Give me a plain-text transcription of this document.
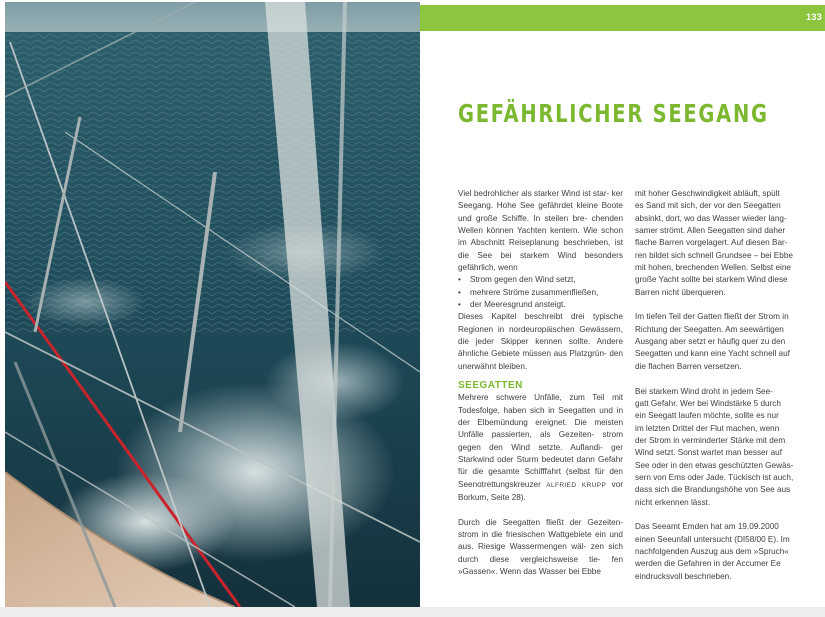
133
GEFÄHRLICHER SEEGANG

Viel bedrohlicher als starker Wind ist star- ker Seegang. Hohe See gefährdet kleine Boote und große Schiffe. In steilen bre- chenden Wellen können Yachten kentern. Wie schon im Abschnitt Reiseplanung beschrieben, ist die See bei starkem Wind besonders gefährlich, wenn

• Strom gegen den Wind setzt,
• mehrere Ströme zusammenfließen,
• der Meeresgrund ansteigt.

Dieses Kapitel beschreibt drei typische Regionen in nordeuropäischen Gewässern, die jeder Skipper kennen sollte. Andere ähnliche Gebiete müssen aus Platzgrün- den unerwähnt bleiben.

SEEGATTEN

Mehrere schwere Unfälle, zum Teil mit Todesfolge, haben sich in Seegatten und in der Elbemündung ereignet. Die meisten Unfälle passierten, als Gezeiten- strom gegen den Wind setzte. Auflandi- ger Starkwind oder Sturm bedeutet dann Gefahr für die gesamte Schifffahrt (selbst für den Seenotrettungskreuzer ALFRIED KRUPP vor Borkum, Seite 28).

Durch die Seegatten fließt der Gezeiten- strom in die friesischen Wattgebiete ein und aus. Riesige Wassermengen wäl- zen sich durch diese vergleichsweise tie- fen »Gassen«. Wenn das Wasser bei Ebbe

mit hoher Geschwindigkeit abläuft, spült
es Sand mit sich, der vor den Seegatten
absinkt, dort, wo das Wasser wieder lang-
samer strömt. Allen Seegatten sind daher
flache Barren vorgelagert. Auf diesen Bar-
ren bildet sich schnell Grundsee – bei Ebbe
mit hohen, brechenden Wellen. Selbst eine
große Yacht sollte bei starkem Wind diese
Barren nicht überqueren.

Im tiefen Teil der Gatten fließt der Strom in
Richtung der Seegatten. Am seewärtigen
Ausgang aber setzt er häufig quer zu den
Seegatten und kann eine Yacht schnell auf
die flachen Barren versetzen.

Bei starkem Wind droht in jedem See-
gatt Gefahr. Wer bei Windstärke 5 durch
ein Seegatt laufen möchte, sollte es nur
im letzten Drittel der Flut machen, wenn
der Strom in verminderter Stärke mit dem
Wind setzt. Sonst wartet man besser auf
See oder in den etwas geschützten Gewäs-
sern von Ems oder Jade. Tückisch ist auch,
dass sich die Brandungshöhe von See aus
nicht erkennen lässt.

Das Seeamt Emden hat am 19.09.2000
einen Seeunfall untersucht (DI58/00 E). Im
nachfolgenden Auszug aus dem »Spruch«
werden die Gefahren in der Accumer Ee
eindrucksvoll beschrieben.
